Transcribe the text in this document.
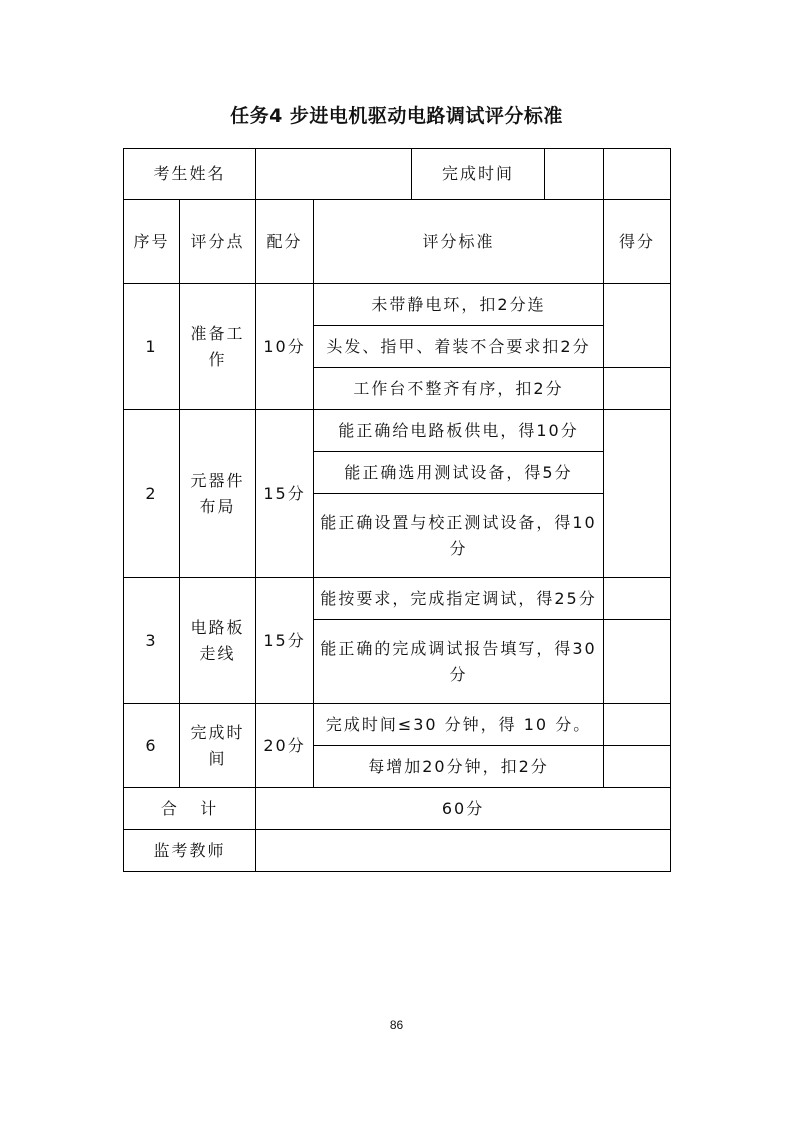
任务4 步进电机驱动电路调试评分标准
考生姓名		完成时间		

序号	评分点	配分	评分标准	得分
1	准备工作	10分	未带静电环，扣2分连	
			头发、指甲、着装不合要求扣2分	
			工作台不整齐有序，扣2分	
2	元器件布局	15分	能正确给电路板供电，得10分	
			能正确选用测试设备，得5分	
			能正确设置与校正测试设备，得10分	
3	电路板走线	15分	能按要求，完成指定调试，得25分	
			能正确的完成调试报告填写，得30分	
6	完成时间	20分	完成时间≤30 分钟，得 10 分。	
			每增加20分钟，扣2分	
合   计		60分		
监考教师				
86
